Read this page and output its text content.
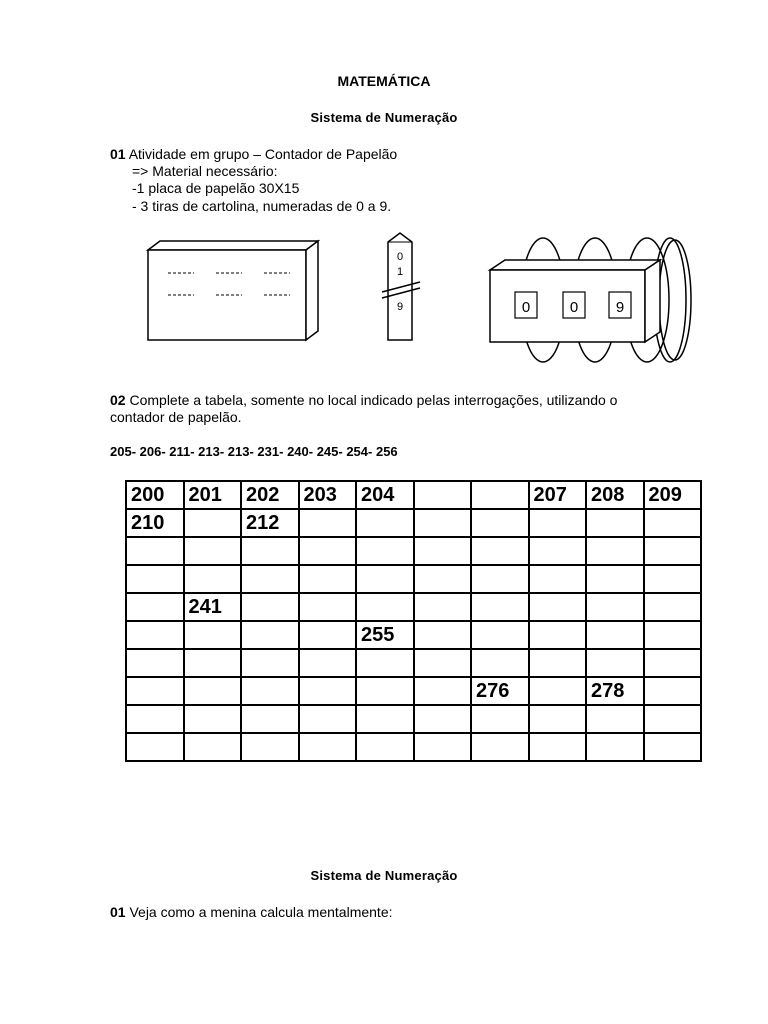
MATEMÁTICA
Sistema de Numeração
01 Atividade em grupo – Contador de Papelão
=> Material necessário:
-1 placa de papelão 30X15
- 3 tiras de cartolina, numeradas de 0 a 9.
0
1
9	0	0	9
02 Complete a tabela, somente no local indicado pelas interrogações, utilizando o
contador de papelão.
205- 206- 211- 213- 213- 231- 240- 245- 254- 256
200	201	202	203	204			207	208	209
210		212							

	241								
				255					

						276		278	

Sistema de Numeração
01 Veja como a menina calcula mentalmente:
